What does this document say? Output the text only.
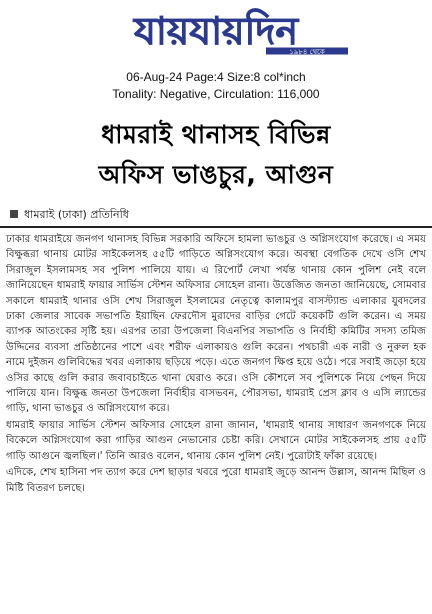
যায়যায়দিন
১৯৮৪ থেকে
06-Aug-24 Page:4 Size:8 col*inch
Tonality: Negative, Circulation: 116,000
ধামরাই থানাসহ বিভিন্ন
অফিস ভাঙচুর, আগুন
ধামরাই (ঢাকা) প্রতিনিধি

ঢাকার ধামরাইয়ে জনগণ থানাসহ বিভিন্ন সরকারি অফিসে হামলা ভাঙচুর ও অগ্নিসংযোগ করেছে। এ সময় বিক্ষুব্ধরা থানায় মোটর সাইকেলসহ ৫৫টি গাড়িতে অগ্নিসংযোগ করে। অবস্থা বেগতিক দেখে ওসি শেখ সিরাজুল ইসলামসহ সব পুলিশ পালিয়ে যায়। এ রিপোর্ট লেখা পর্যন্ত থানায় কোন পুলিশ নেই বলে জানিয়েছেন ধামরাই ফায়ার সার্ভিস স্টেশন অফিসার সোহেল রানা। উত্তেজিত জনতা জানিয়েছে, সোমবার সকালে ধামরাই থানার ওসি শেখ সিরাজুল ইসলামের নেতৃত্বে কালামপুর বাসস্ট্যান্ড এলাকার যুবদলের ঢাকা জেলার সাবেক সভাপতি ইয়াছিন ফেরদৌস মুরাদের বাড়ির গেটে কয়েকটি গুলি করেন। এ সময় ব্যাপক আতংকের সৃষ্টি হয়। এরপর তারা উপজেলা বিএনপির সভাপতি ও নির্বাহী কমিটির সদস্য তমিজ উদ্দিনের ব্যবসা প্রতিষ্ঠানের পাশে এবং শরীফ এলাকায়ও গুলি করেন। পথচারী এক নারী ও নুরুল হক নামে দুইজন গুলিবিদ্ধের খবর এলাকায় ছড়িয়ে পড়ে। এতে জনগণ ক্ষিপ্ত হয়ে ওঠে। পরে সবাই জড়ো হয়ে ওসির কাছে গুলি করার জবাবচাইতে থানা ঘেরাও করে। ওসি কৌশলে সব পুলিশকে নিয়ে পেছন দিয়ে পালিয়ে যান। বিক্ষুব্ধ জনতা উপজেলা নির্বাহীর বাসভবন, পৌরসভা, ধামরাই প্রেস ক্লাব ও এসি ল্যান্ডের গাড়ি, থানা ভাঙচুর ও অগ্নিসংযোগ করে।

ধামরাই ফায়ার সার্ভিস স্টেশন অফিসার সোহেল রানা জানান, 'ধামরাই থানায় সাধারণ জনগণকে নিয়ে বিকেলে অগ্নিসংযোগ করা গাড়ির আগুন নেভানোর চেষ্টা করি। সেখানে মোটর সাইকেলসহ প্রায় ৫৫টি গাড়ি আগুনে জ্বলছিল।' তিনি আরও বলেন, থানায় কোন পুলিশ নেই। পুরোটাই ফাঁকা রয়েছে।

এদিকে, শেখ হাসিনা পদ ত্যাগ করে দেশ ছাড়ার খবরে পুরো ধামরাই জুড়ে আনন্দ উল্লাস, আনন্দ মিছিল ও মিষ্টি বিতরণ চলছে।
